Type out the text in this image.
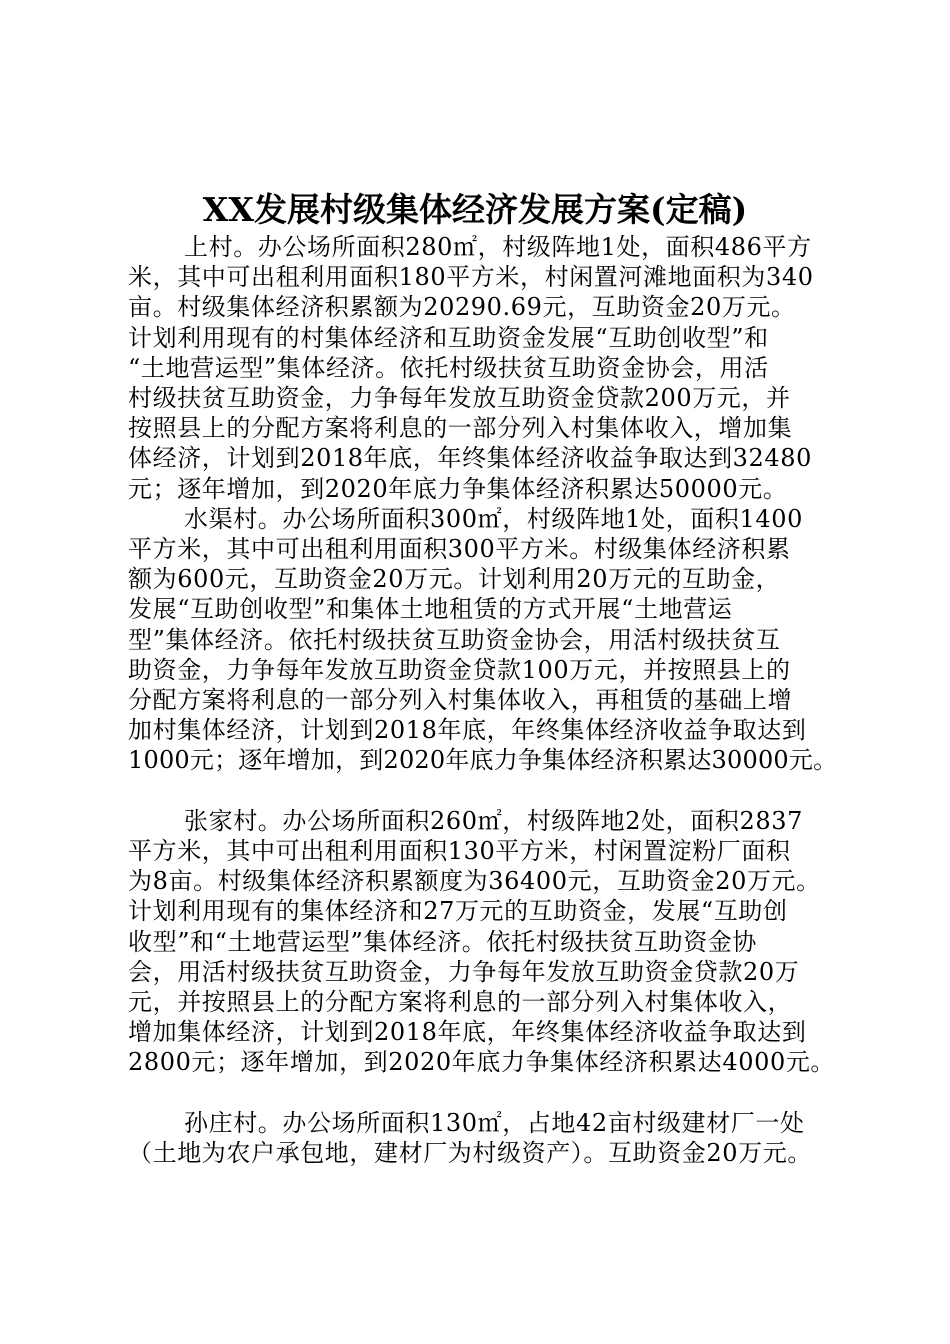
XX发展村级集体经济发展方案(定稿)
上村。办公场所面积280㎡，村级阵地1处，面积486平方
米，其中可出租利用面积180平方米，村闲置河滩地面积为340
亩。村级集体经济积累额为20290.69元，互助资金20万元。
计划利用现有的村集体经济和互助资金发展“互助创收型”和
“土地营运型”集体经济。依托村级扶贫互助资金协会，用活
村级扶贫互助资金，力争每年发放互助资金贷款200万元，并
按照县上的分配方案将利息的一部分列入村集体收入，增加集
体经济，计划到2018年底，年终集体经济收益争取达到32480
元；逐年增加，到2020年底力争集体经济积累达50000元。
水渠村。办公场所面积300㎡，村级阵地1处，面积1400
平方米，其中可出租利用面积300平方米。村级集体经济积累
额为600元，互助资金20万元。计划利用20万元的互助金，
发展“互助创收型”和集体土地租赁的方式开展“土地营运
型”集体经济。依托村级扶贫互助资金协会，用活村级扶贫互
助资金，力争每年发放互助资金贷款100万元，并按照县上的
分配方案将利息的一部分列入村集体收入，再租赁的基础上增
加村集体经济，计划到2018年底，年终集体经济收益争取达到
1000元；逐年增加，到2020年底力争集体经济积累达30000元。
张家村。办公场所面积260㎡，村级阵地2处，面积2837
平方米，其中可出租利用面积130平方米，村闲置淀粉厂面积
为8亩。村级集体经济积累额度为36400元，互助资金20万元。
计划利用现有的集体经济和27万元的互助资金，发展“互助创
收型”和“土地营运型”集体经济。依托村级扶贫互助资金协
会，用活村级扶贫互助资金，力争每年发放互助资金贷款20万
元，并按照县上的分配方案将利息的一部分列入村集体收入，
增加集体经济，计划到2018年底，年终集体经济收益争取达到
2800元；逐年增加，到2020年底力争集体经济积累达4000元。
孙庄村。办公场所面积130㎡，占地42亩村级建材厂一处
（土地为农户承包地，建材厂为村级资产）。互助资金20万元。
